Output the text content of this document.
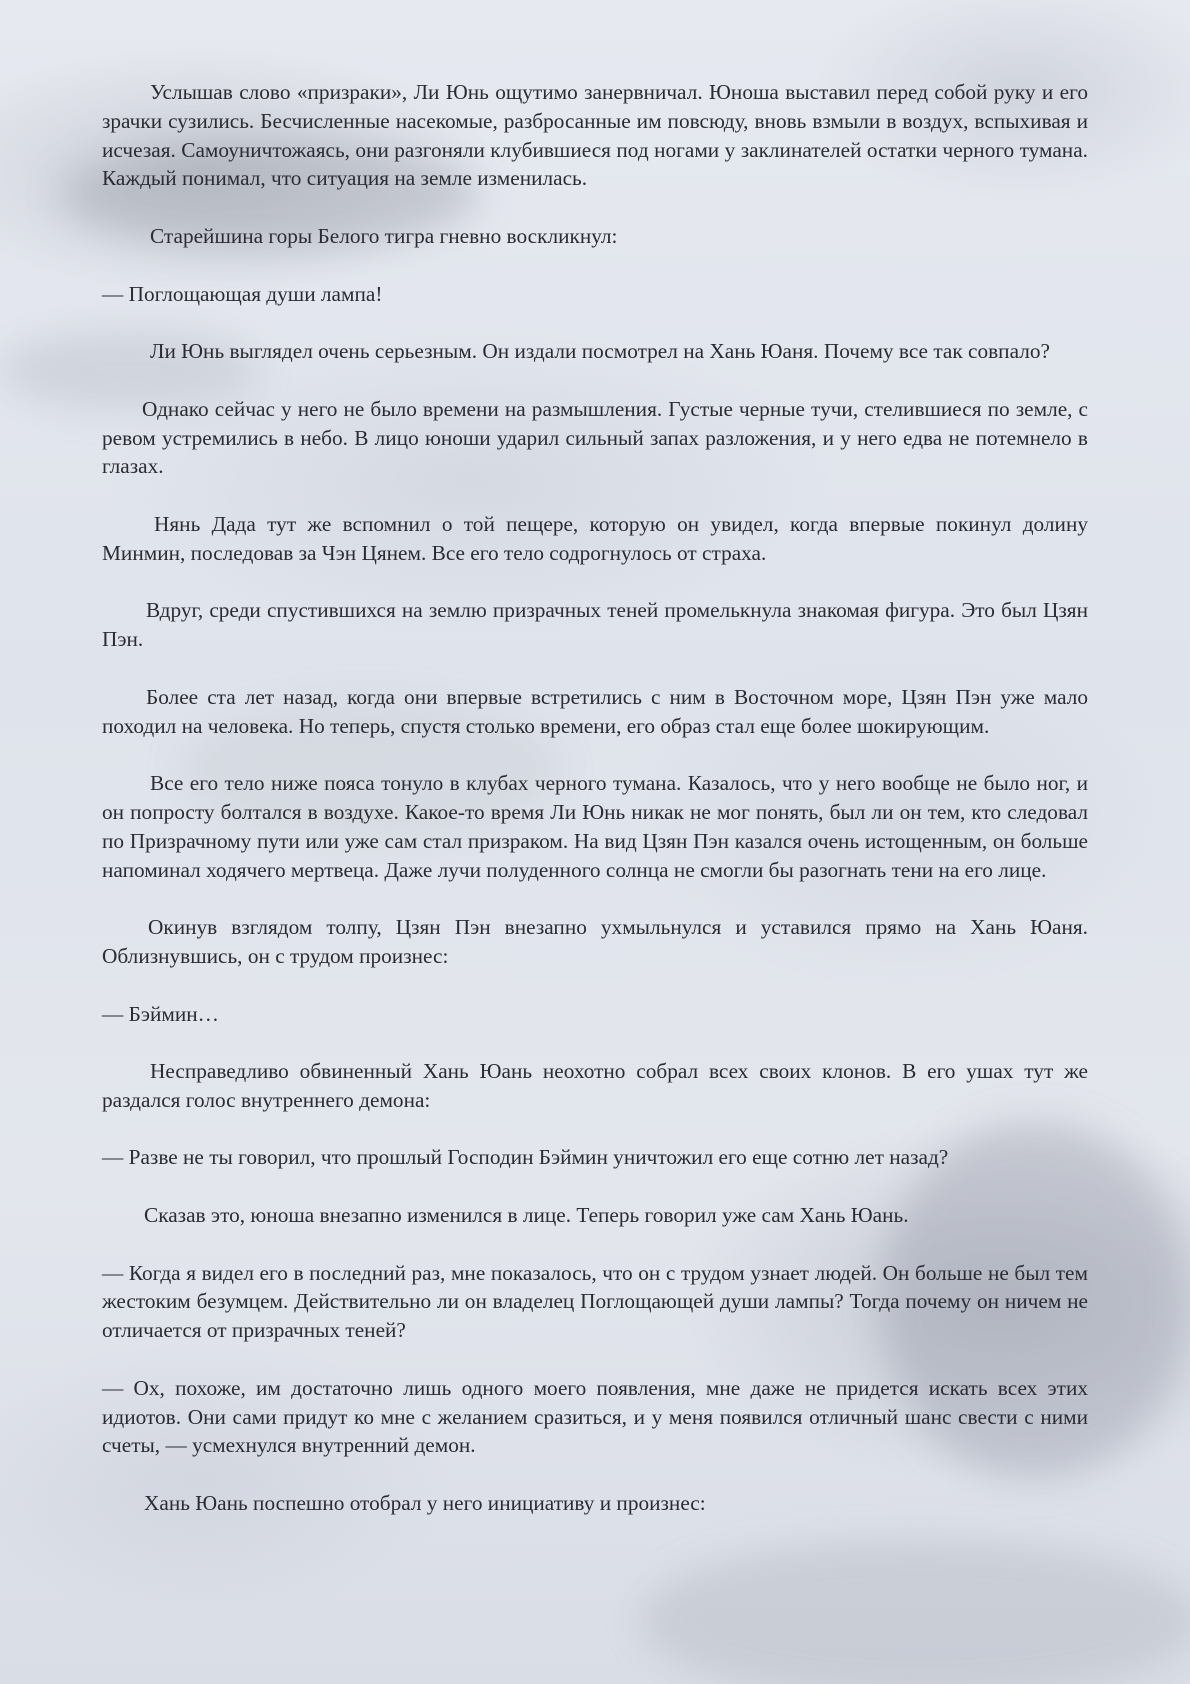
Услышав слово «призраки», Ли Юнь ощутимо занервничал. Юноша выставил перед собой руку и его зрачки сузились. Бесчисленные насекомые, разбросанные им повсюду, вновь взмыли в воздух, вспыхивая и исчезая. Самоуничтожаясь, они разгоняли клубившиеся под ногами у заклинателей остатки черного тумана. Каждый понимал, что ситуация на земле изменилась.

Старейшина горы Белого тигра гневно воскликнул:

— Поглощающая души лампа!

Ли Юнь выглядел очень серьезным. Он издали посмотрел на Хань Юаня. Почему все так совпало?

Однако сейчас у него не было времени на размышления. Густые черные тучи, стелившиеся по земле, с ревом устремились в небо. В лицо юноши ударил сильный запах разложения, и у него едва не потемнело в глазах.

Нянь Дада тут же вспомнил о той пещере, которую он увидел, когда впервые покинул долину Минмин, последовав за Чэн Цянем. Все его тело содрогнулось от страха.

Вдруг, среди спустившихся на землю призрачных теней промелькнула знакомая фигура. Это был Цзян Пэн.

Более ста лет назад, когда они впервые встретились с ним в Восточном море, Цзян Пэн уже мало походил на человека. Но теперь, спустя столько времени, его образ стал еще более шокирующим.

Все его тело ниже пояса тонуло в клубах черного тумана. Казалось, что у него вообще не было ног, и он попросту болтался в воздухе. Какое-то время Ли Юнь никак не мог понять, был ли он тем, кто следовал по Призрачному пути или уже сам стал призраком. На вид Цзян Пэн казался очень истощенным, он больше напоминал ходячего мертвеца. Даже лучи полуденного солнца не смогли бы разогнать тени на его лице.

Окинув взглядом толпу, Цзян Пэн внезапно ухмыльнулся и уставился прямо на Хань Юаня. Облизнувшись, он с трудом произнес:

— Бэймин…

Несправедливо обвиненный Хань Юань неохотно собрал всех своих клонов. В его ушах тут же раздался голос внутреннего демона:

— Разве не ты говорил, что прошлый Господин Бэймин уничтожил его еще сотню лет назад?

Сказав это, юноша внезапно изменился в лице. Теперь говорил уже сам Хань Юань.

— Когда я видел его в последний раз, мне показалось, что он с трудом узнает людей. Он больше не был тем жестоким безумцем. Действительно ли он владелец Поглощающей души лампы? Тогда почему он ничем не отличается от призрачных теней?

— Ох, похоже, им достаточно лишь одного моего появления, мне даже не придется искать всех этих идиотов. Они сами придут ко мне с желанием сразиться, и у меня появился отличный шанс свести с ними счеты, — усмехнулся внутренний демон.

Хань Юань поспешно отобрал у него инициативу и произнес:
